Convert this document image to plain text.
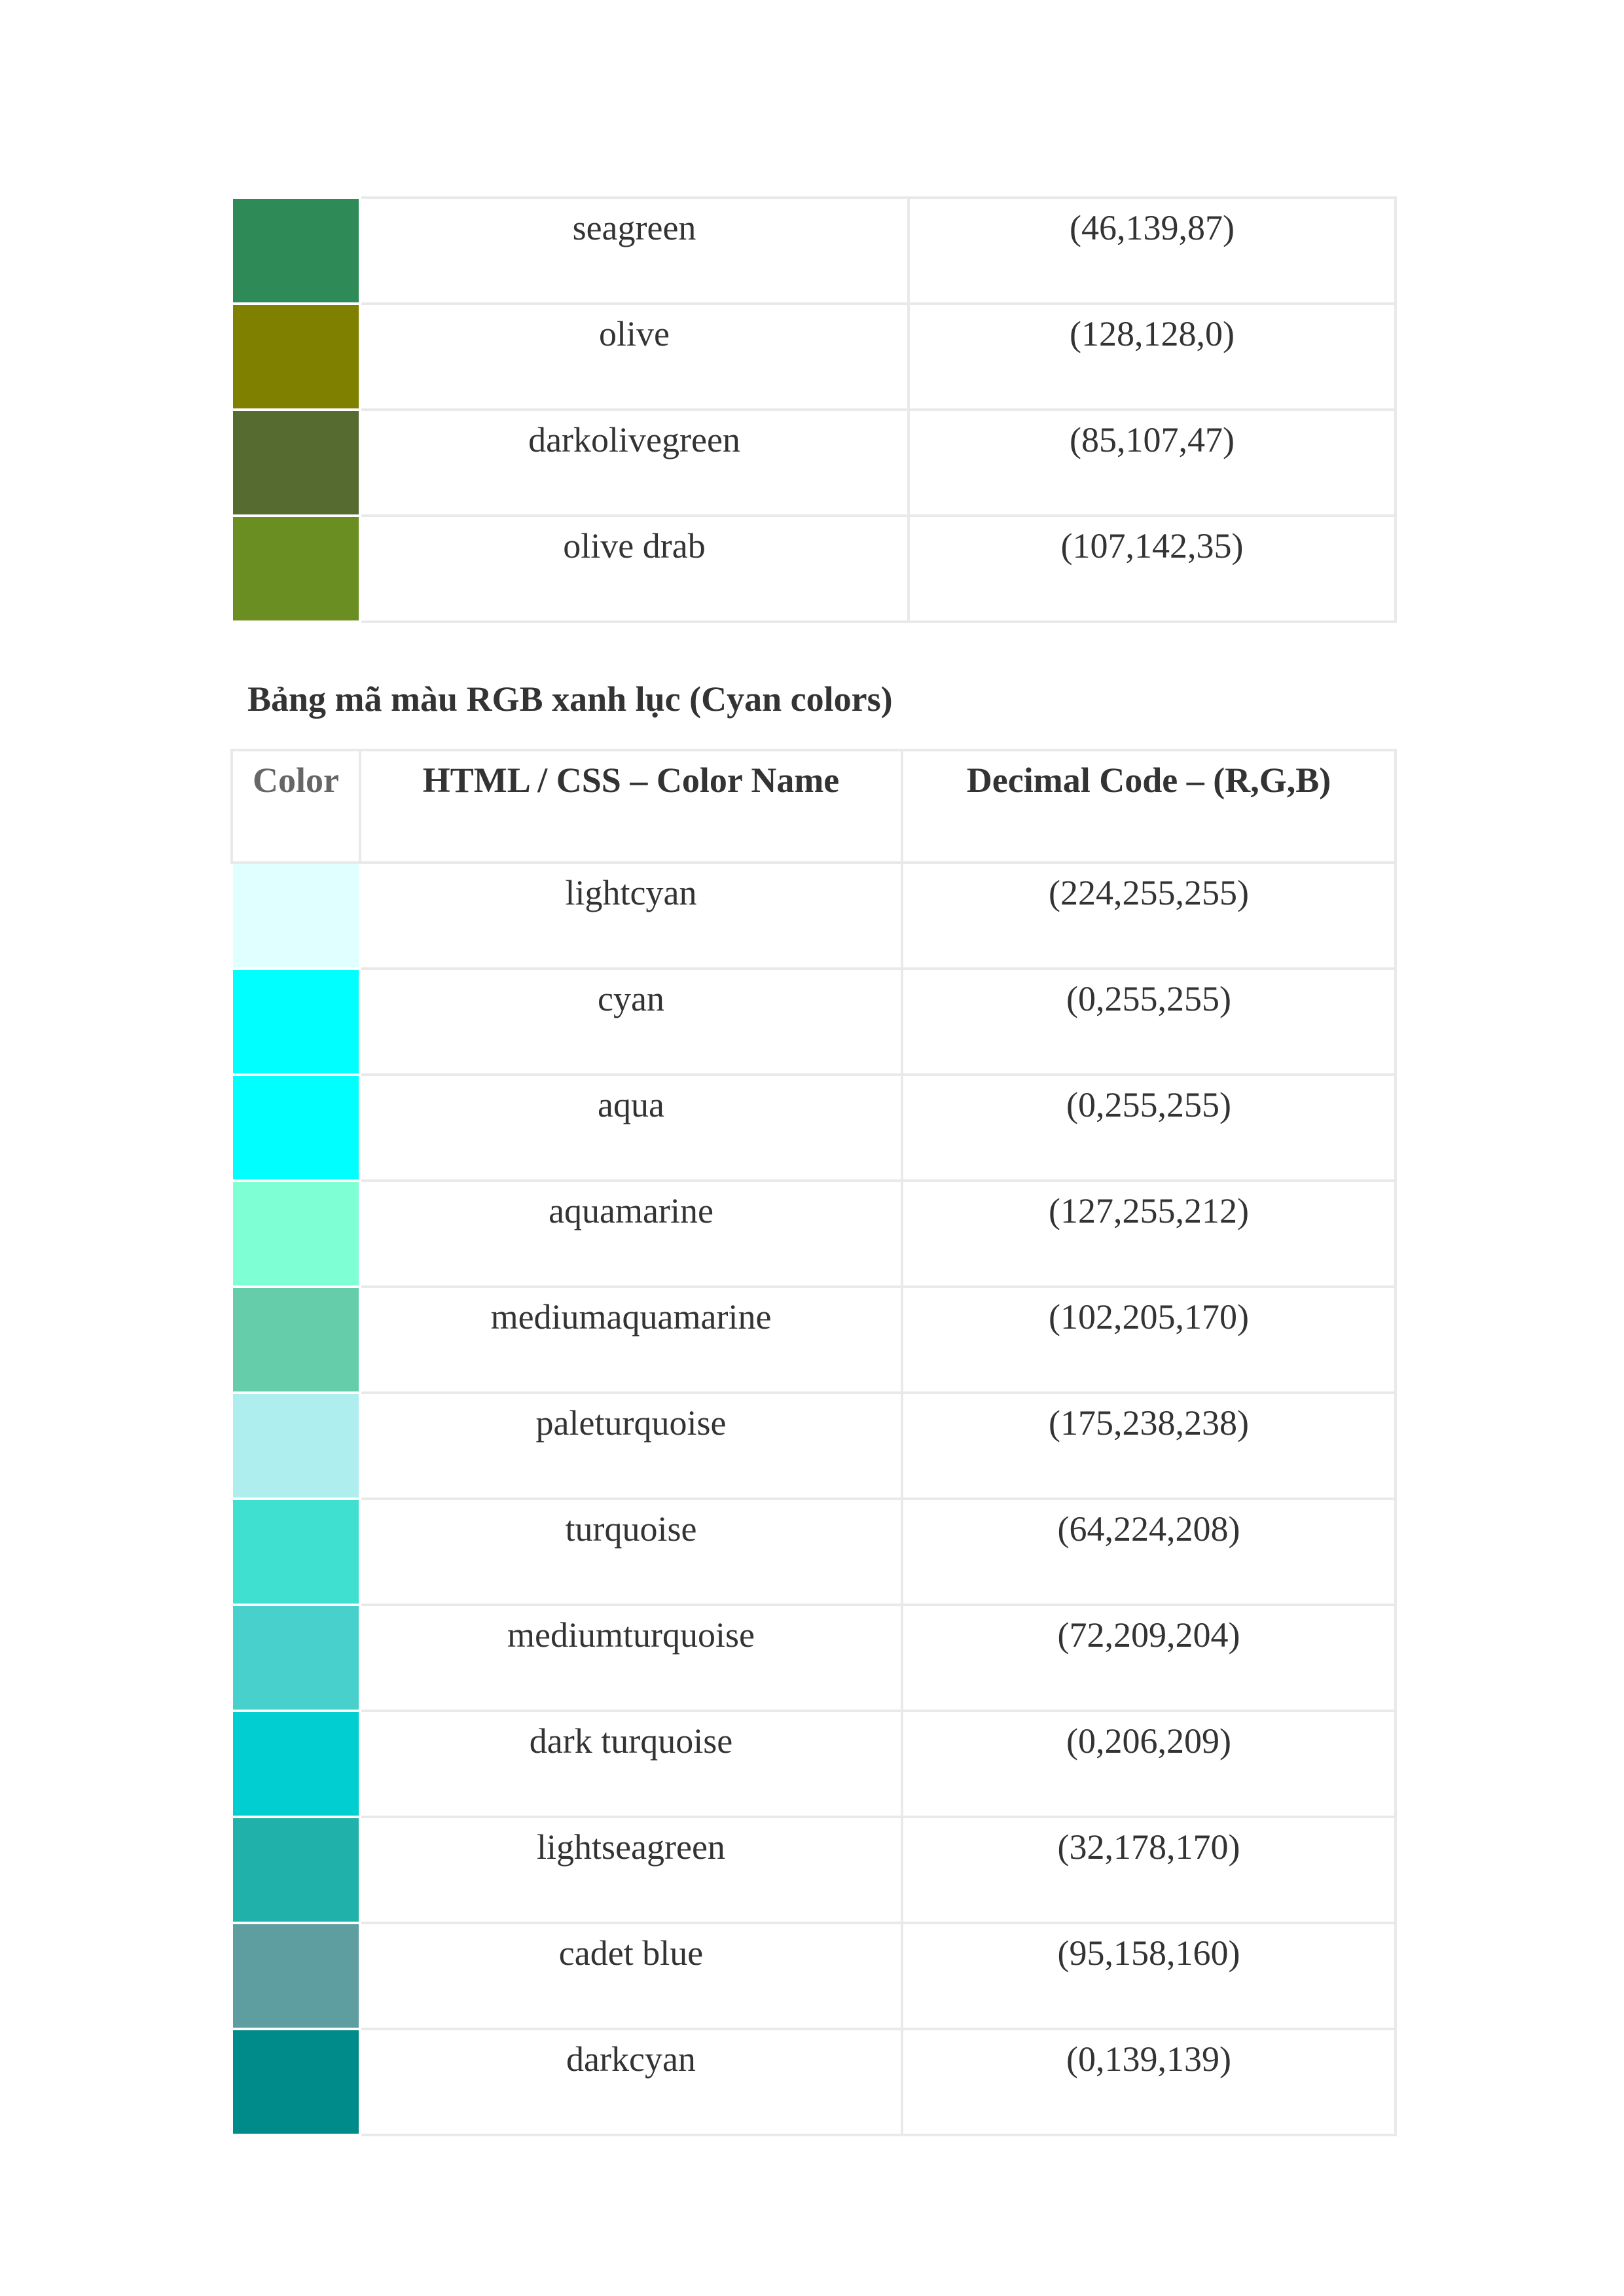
	seagreen	(46,139,87)
	olive	(128,128,0)
	darkolivegreen	(85,107,47)
	olive drab	(107,142,35)
Bảng mã màu RGB xanh lục (Cyan colors)
Color	HTML / CSS – Color Name	Decimal Code – (R,G,B)
	lightcyan	(224,255,255)
	cyan	(0,255,255)
	aqua	(0,255,255)
	aquamarine	(127,255,212)
	mediumaquamarine	(102,205,170)
	paleturquoise	(175,238,238)
	turquoise	(64,224,208)
	mediumturquoise	(72,209,204)
	dark turquoise	(0,206,209)
	lightseagreen	(32,178,170)
	cadet blue	(95,158,160)
	darkcyan	(0,139,139)
